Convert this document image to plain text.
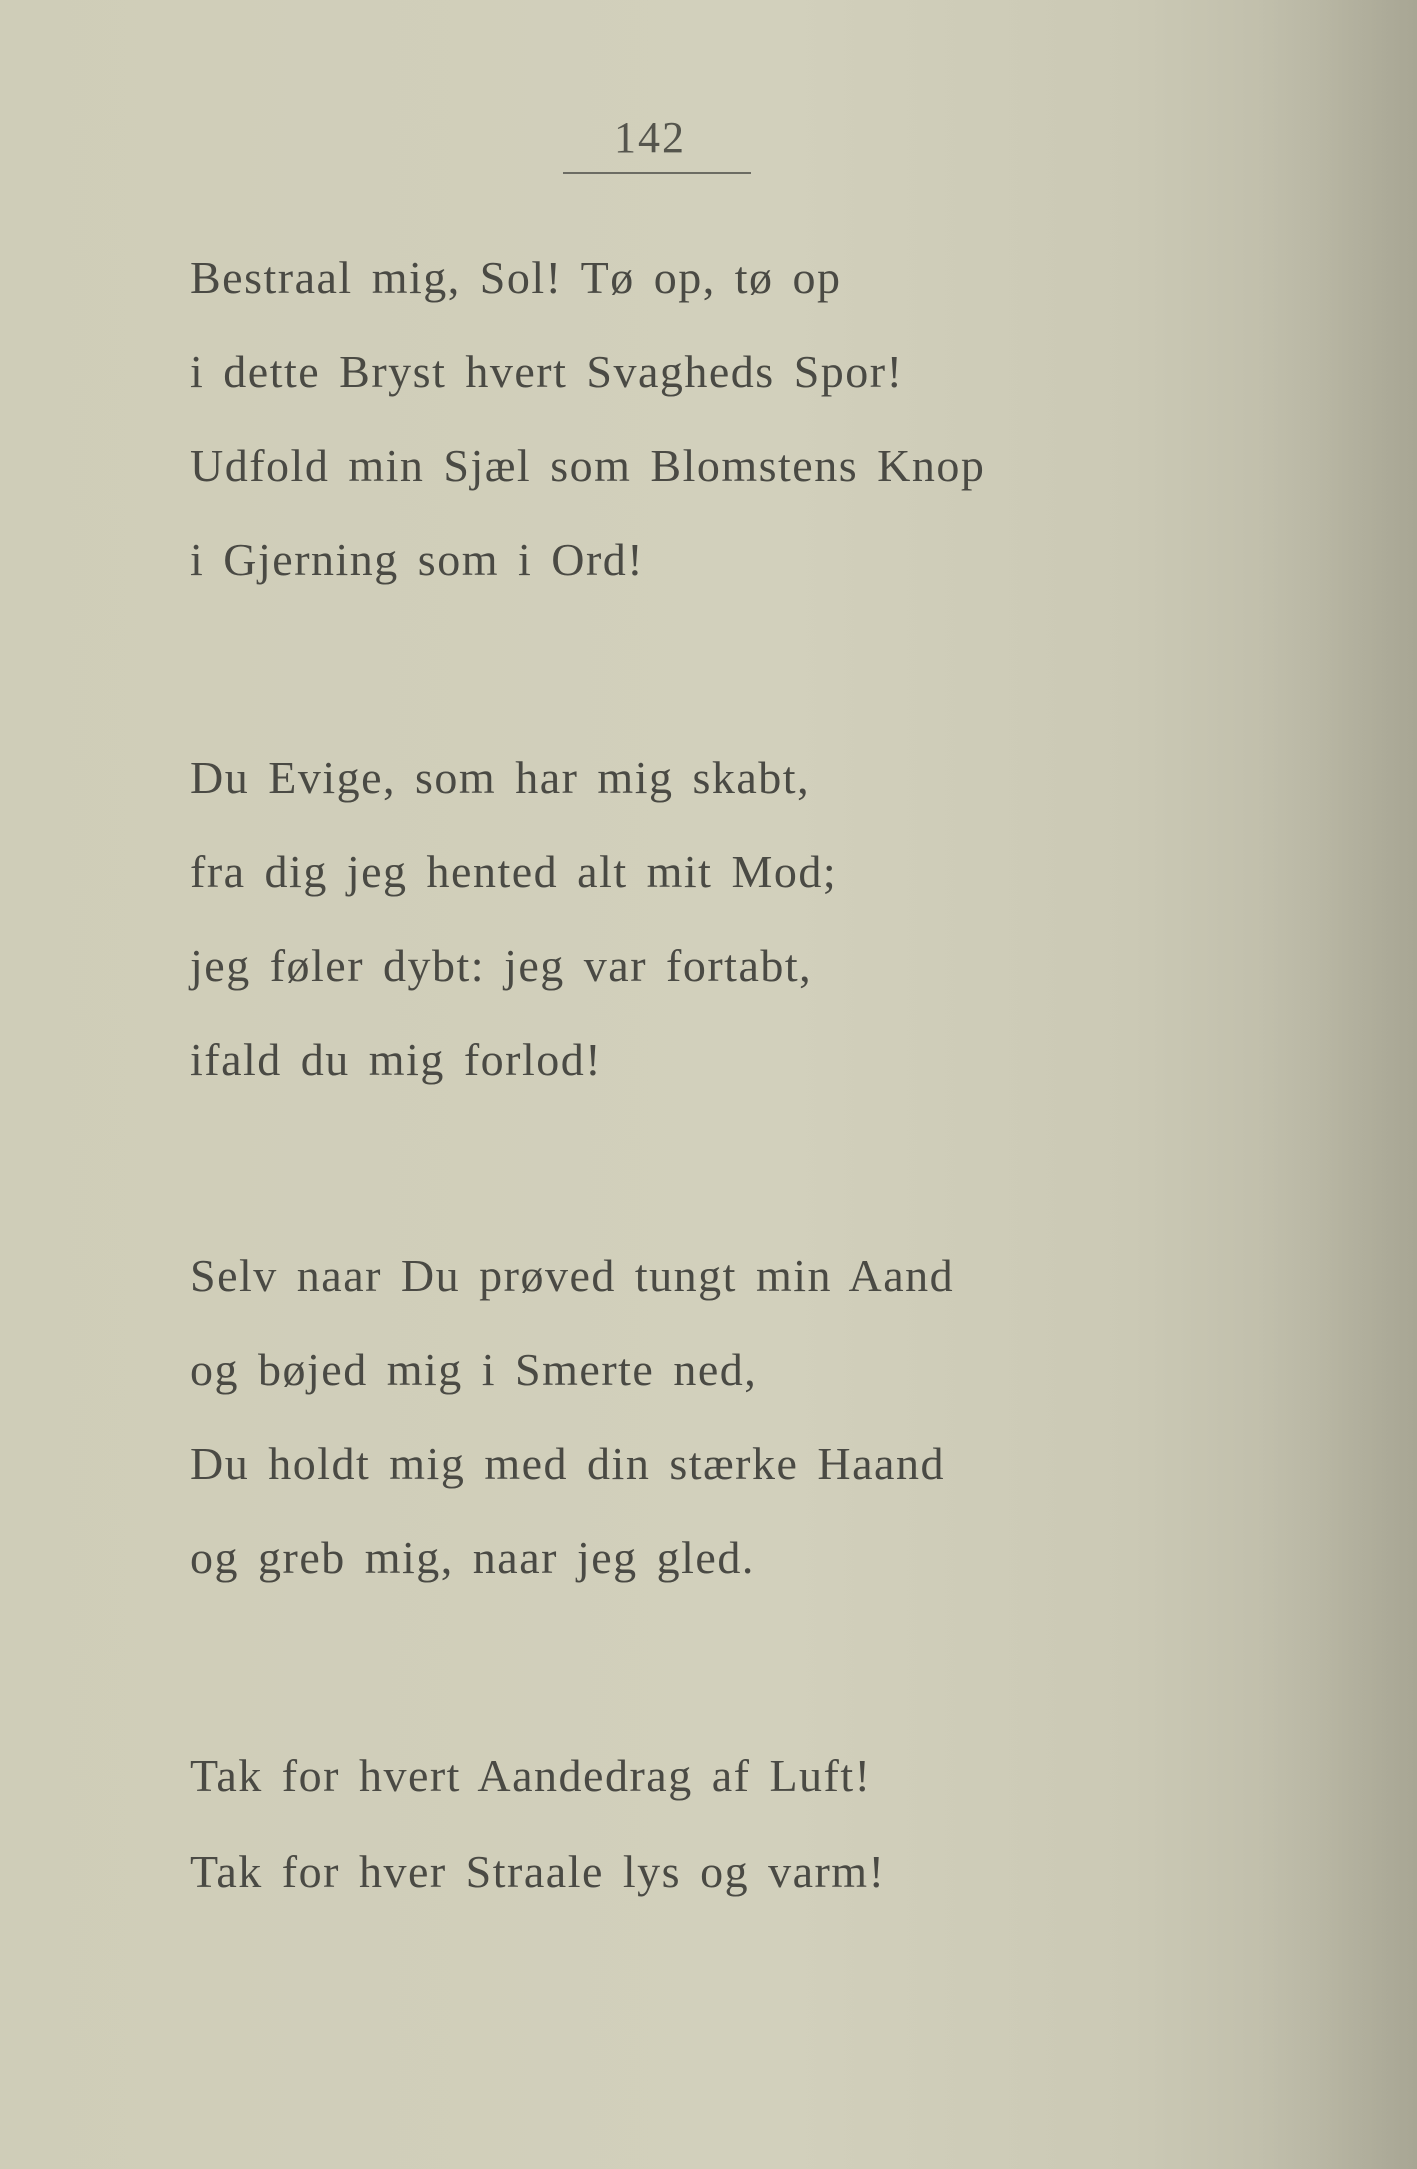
142
Bestraal mig, Sol! Tø op, tø op
i dette Bryst hvert Svagheds Spor!
Udfold min Sjæl som Blomstens Knop
i Gjerning som i Ord!
Du Evige, som har mig skabt,
fra dig jeg hented alt mit Mod;
jeg føler dybt: jeg var fortabt,
ifald du mig forlod!
Selv naar Du prøved tungt min Aand
og bøjed mig i Smerte ned,
Du holdt mig med din stærke Haand
og greb mig, naar jeg gled.
Tak for hvert Aandedrag af Luft!
Tak for hver Straale lys og varm!
